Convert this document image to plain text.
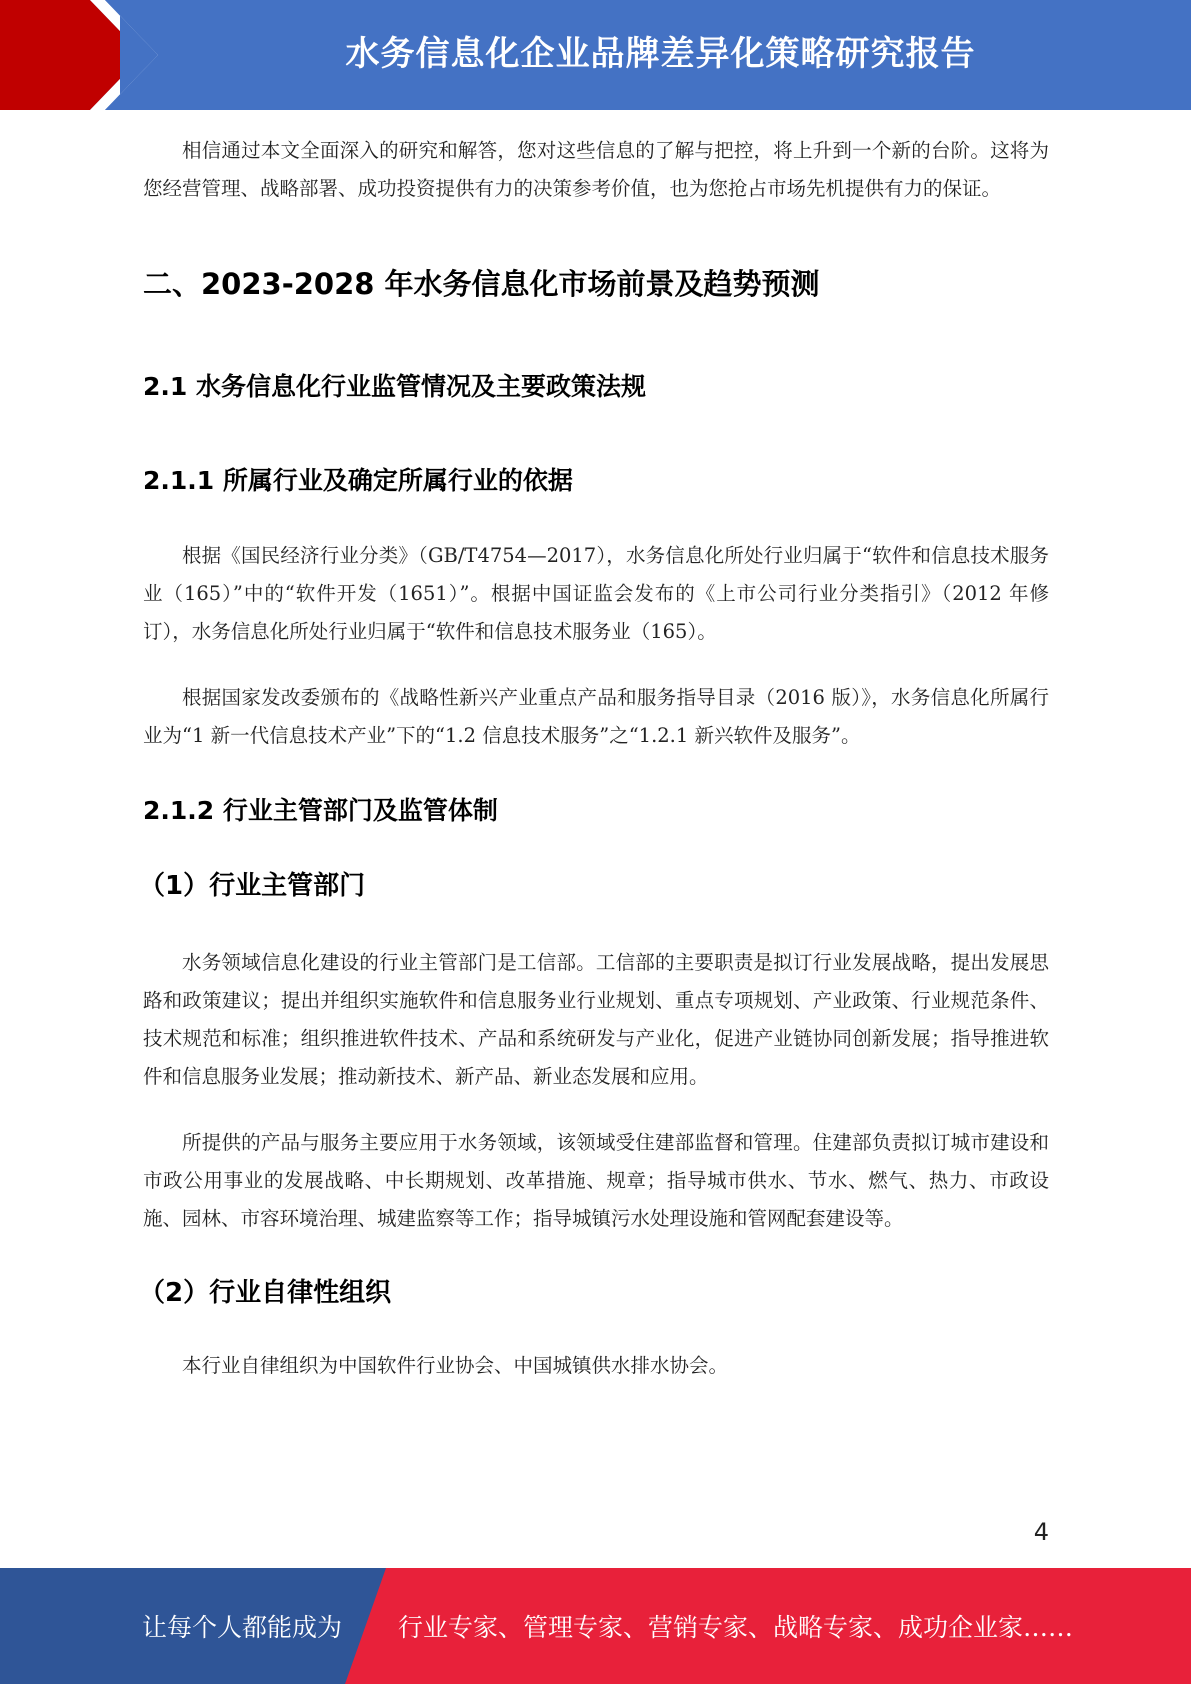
水务信息化企业品牌差异化策略研究报告

相信通过本文全面深入的研究和解答，您对这些信息的了解与把控，将上升到一个新的台阶。这将为您经营管理、战略部署、成功投资提供有力的决策参考价值，也为您抢占市场先机提供有力的保证。

二、2023-2028 年水务信息化市场前景及趋势预测
2.1 水务信息化行业监管情况及主要政策法规
2.1.1 所属行业及确定所属行业的依据

根据《国民经济行业分类》（GB/T4754—2017），水务信息化所处行业归属于“软件和信息技术服务业（165）”中的“软件开发（1651）”。根据中国证监会发布的《上市公司行业分类指引》（2012 年修订），水务信息化所处行业归属于“软件和信息技术服务业（165）。

根据国家发改委颁布的《战略性新兴产业重点产品和服务指导目录（2016 版）》，水务信息化所属行业为“1 新一代信息技术产业”下的“1.2 信息技术服务”之“1.2.1 新兴软件及服务”。

2.1.2 行业主管部门及监管体制
（1）行业主管部门

水务领域信息化建设的行业主管部门是工信部。工信部的主要职责是拟订行业发展战略，提出发展思路和政策建议；提出并组织实施软件和信息服务业行业规划、重点专项规划、产业政策、行业规范条件、技术规范和标准；组织推进软件技术、产品和系统研发与产业化，促进产业链协同创新发展；指导推进软件和信息服务业发展；推动新技术、新产品、新业态发展和应用。

所提供的产品与服务主要应用于水务领域，该领域受住建部监督和管理。住建部负责拟订城市建设和市政公用事业的发展战略、中长期规划、改革措施、规章；指导城市供水、节水、燃气、热力、市政设施、园林、市容环境治理、城建监察等工作；指导城镇污水处理设施和管网配套建设等。

（2）行业自律性组织

本行业自律组织为中国软件行业协会、中国城镇供水排水协会。

4
让每个人都能成为 行业专家、管理专家、营销专家、战略专家、成功企业家……
